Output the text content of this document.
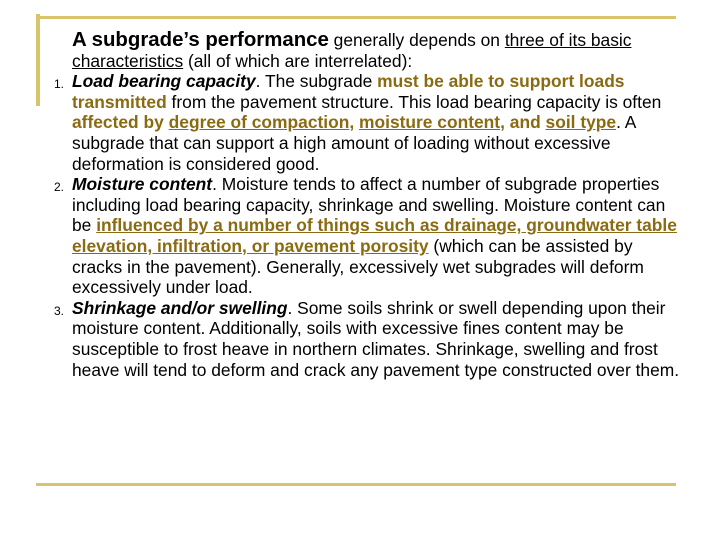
A subgrade’s performance generally depends on three of its basic characteristics (all of which are interrelated):

1. Load bearing capacity. The subgrade must be able to support loads transmitted from the pavement structure. This load bearing capacity is often affected by degree of compaction, moisture content, and soil type. A subgrade that can support a high amount of loading without excessive deformation is considered good.
2. Moisture content. Moisture tends to affect a number of subgrade properties including load bearing capacity, shrinkage and swelling. Moisture content can be influenced by a number of things such as drainage, groundwater table elevation, infiltration, or pavement porosity (which can be assisted by cracks in the pavement). Generally, excessively wet subgrades will deform excessively under load.
3. Shrinkage and/or swelling. Some soils shrink or swell depending upon their moisture content. Additionally, soils with excessive fines content may be susceptible to frost heave in northern climates. Shrinkage, swelling and frost heave will tend to deform and crack any pavement type constructed over them.
